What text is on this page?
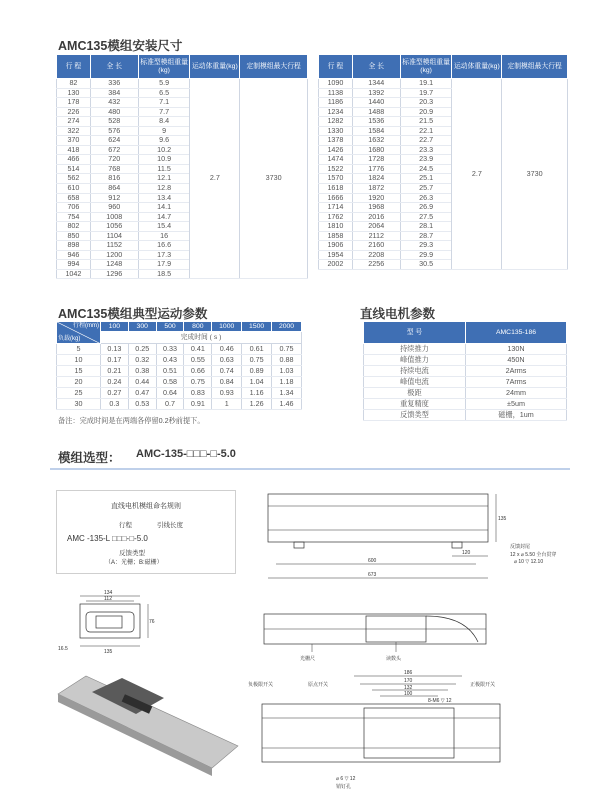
AMC135模组安装尺寸
行 程	全 长	标准型模组重量(kg)	运动体重量(kg)	定制模组最大行程
82	336	5.9	2.7	3730
130	384	6.5		
178	432	7.1		
226	480	7.7		
274	528	8.4		
322	576	9		
370	624	9.6		
418	672	10.2		
466	720	10.9		
514	768	11.5		
562	816	12.1		
610	864	12.8		
658	912	13.4		
706	960	14.1		
754	1008	14.7		
802	1056	15.4		
850	1104	16		
898	1152	16.6		
946	1200	17.3		
994	1248	17.9		
1042	1296	18.5		
行 程	全 长	标准型模组重量(kg)	运动体重量(kg)	定制模组最大行程
1090	1344	19.1	2.7	3730
1138	1392	19.7		
1186	1440	20.3		
1234	1488	20.9		
1282	1536	21.5		
1330	1584	22.1		
1378	1632	22.7		
1426	1680	23.3		
1474	1728	23.9		
1522	1776	24.5		
1570	1824	25.1		
1618	1872	25.7		
1666	1920	26.3		
1714	1968	26.9		
1762	2016	27.5		
1810	2064	28.1		
1858	2112	28.7		
1906	2160	29.3		
1954	2208	29.9		
2002	2256	30.5		
AMC135模组典型运动参数	直线电机参数
行程(mm)
负载(kg)	100	300	500	800	1000	1500	2000
	完成时间 ( s )						
5	0.13	0.25	0.33	0.41	0.46	0.61	0.75
10	0.17	0.32	0.43	0.55	0.63	0.75	0.88
15	0.21	0.38	0.51	0.66	0.74	0.89	1.03
20	0.24	0.44	0.58	0.75	0.84	1.04	1.18
25	0.27	0.47	0.64	0.83	0.93	1.16	1.34
30	0.3	0.53	0.7	0.91	1	1.26	1.46
备注：完成时间是在两端各停留0.2秒前提下。
型 号	AMC135-186
持续推力	130N
峰值推力	450N
持续电流	2Arms
峰值电流	7Arms
极距	24mm
重复精度	±5um
反馈类型	磁栅，1um
模组选型： AMC-135-□□□-□-5.0
直线电机模组命名规则
行程	引线长度
AMC -135-L □□□-□-5.0
反馈类型
（A：光栅；B:磁栅）
134
112
135
76
16.5
600
120
673
135
反馈封尾
12 x ⌀ 5.50 全台贯穿
⌀ 10 ▽ 12.10
光栅尺	读数头
186
170
132
100
负极限开关	原点开关	正极限开关
8-M6 ▽ 12
⌀ 6 ▽ 12
销钉孔
